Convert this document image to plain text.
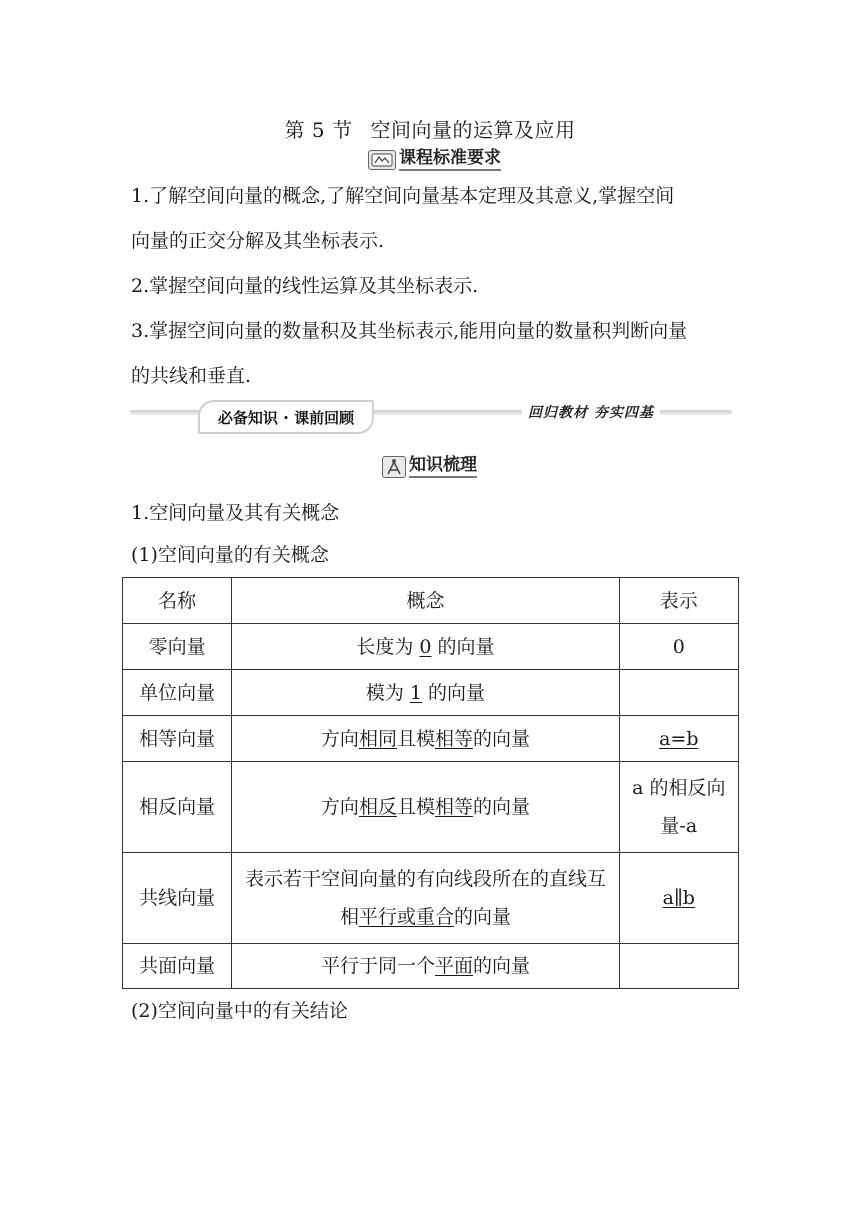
第 5 节 空间向量的运算及应用
课程标准要求
1.了解空间向量的概念,了解空间向量基本定理及其意义,掌握空间
向量的正交分解及其坐标表示.
2.掌握空间向量的线性运算及其坐标表示.
3.掌握空间向量的数量积及其坐标表示,能用向量的数量积判断向量
的共线和垂直.
必备知识 · 课前回顾	回归教材 夯实四基
知识梳理
1.空间向量及其有关概念
(1)空间向量的有关概念
名称	概念	表示
零向量	长度为 0 的向量	0
单位向量	模为 1 的向量	
相等向量	方向相同且模相等的向量	a=b
相反向量	方向相反且模相等的向量	a 的相反向量-a
共线向量	表示若干空间向量的有向线段所在的直线互相平行或重合的向量	a∥b
共面向量	平行于同一个平面的向量	
(2)空间向量中的有关结论
